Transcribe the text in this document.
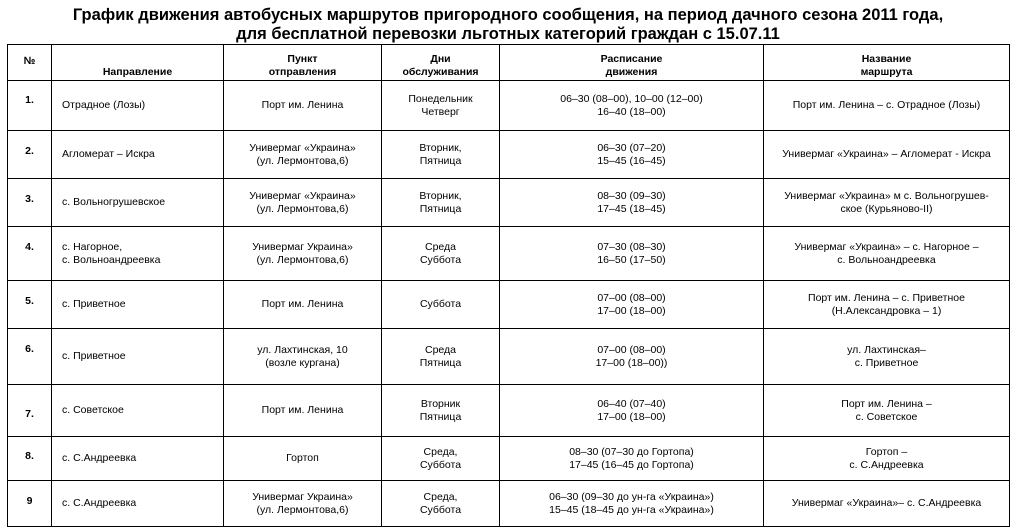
График движения автобусных маршрутов пригородного сообщения, на период дачного сезона 2011 года,
для бесплатной перевозки льготных категорий граждан с 15.07.11
№	Направление	Пункт
отправления	Дни
обслуживания	Расписание
движения	Название
маршрута

1.	Отрадное (Лозы)	Порт им. Ленина	Понедельник
Четверг	06–30 (08–00), 10–00 (12–00)
16–40 (18–00)	Порт им. Ленина – с. Отрадное (Лозы)

2.	Агломерат – Искра	Универмаг «Украина»
(ул. Лермонтова,6)	Вторник,
Пятница	06–30 (07–20)
15–45 (16–45)	Универмаг «Украина» – Агломерат - Искра

3.	с. Вольногрушевское	Универмаг «Украина»
(ул. Лермонтова,6)	Вторник,
Пятница	08–30 (09–30)
17–45 (18–45)	Универмаг «Украина» м с. Вольногрушев-
ское (Курьяново-II)

4.	с. Нагорное,
с. Вольноандреевка	Универмаг Украина»
(ул. Лермонтова,6)	Среда
Суббота	07–30 (08–30)
16–50 (17–50)	Универмаг «Украина» – с. Нагорное –
с. Вольноандреевка

5.	с. Приветное	Порт им. Ленина	Суббота	07–00 (08–00)
17–00 (18–00)	Порт им. Ленина – с. Приветное
(Н.Александровка – 1)

6.	с. Приветное	ул. Лахтинская, 10
(возле кургана)	Среда
Пятница	07–00 (08–00)
17–00 (18–00))	ул. Лахтинская–
с. Приветное

7.	с. Советское	Порт им. Ленина	Вторник
Пятница	06–40 (07–40)
17–00 (18–00)	Порт им. Ленина –
с. Советское

8.	с. С.Андреевка	Гортоп	Среда,
Суббота	08–30 (07–30 до Гортопа)
17–45 (16–45 до Гортопа)	Гортоп –
с. С.Андреевка

9	с. С.Андреевка	Универмаг Украина»
(ул. Лермонтова,6)	Среда,
Суббота	06–30 (09–30 до ун-га «Украина»)
15–45 (18–45 до ун-га «Украина»)	Универмаг «Украина»– с. С.Андреевка
